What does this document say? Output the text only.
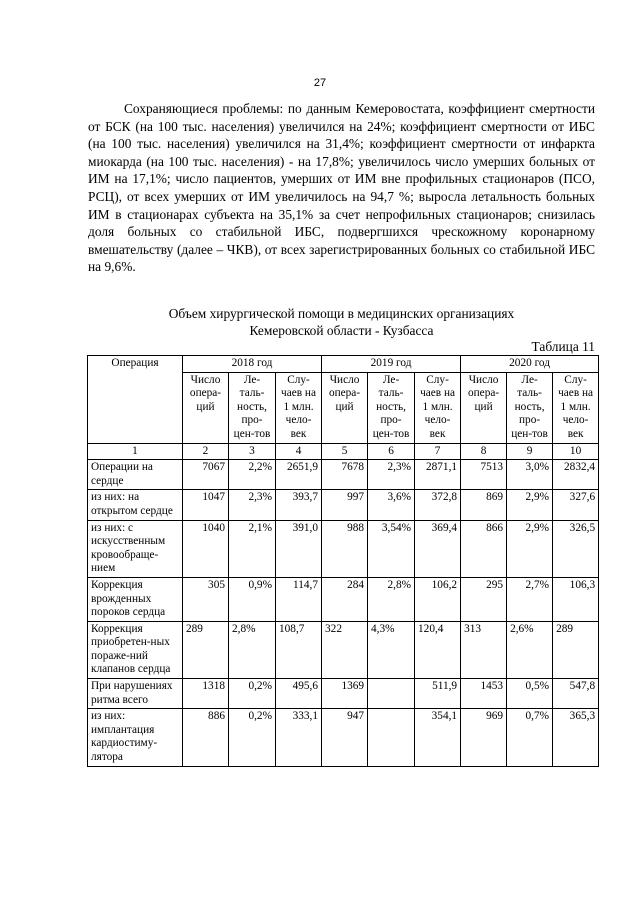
27

Сохраняющиеся проблемы: по данным Кемеровостата, коэффициент смертности от БСК (на 100 тыс. населения) увеличился на 24%; коэффициент смертности от ИБС (на 100 тыс. населения) увеличился на 31,4%; коэффициент смертности от инфаркта миокарда (на 100 тыс. населения) - на 17,8%; увеличилось число умерших больных от ИМ на 17,1%; число пациентов, умерших от ИМ вне профильных стационаров (ПСО, РСЦ), от всех умерших от ИМ увеличилось на 94,7 %; выросла летальность больных ИМ в стационарах субъекта на 35,1% за счет непрофильных стационаров; снизилась доля больных со стабильной ИБС, подвергшихся чрескожному коронарному вмешательству (далее – ЧКВ), от всех зарегистрированных больных со стабильной ИБС на 9,6%.

Объем хирургической помощи в медицинских организациях
Кемеровской области - Кузбасса
Таблица 11
Операция	2018 год			2019 год			2020 год		
	Число опера-ций	Ле-таль-ность, про-цен-тов	Слу-чаев на 1 млн. чело-век	Число опера-ций	Ле-таль-ность, про-цен-тов	Слу-чаев на 1 млн. чело-век	Число опера-ций	Ле-таль-ность, про-цен-тов	Слу-чаев на 1 млн. чело-век
1	2	3	4	5	6	7	8	9	10
Операции на сердце	7067	2,2%	2651,9	7678	2,3%	2871,1	7513	3,0%	2832,4
из них: на открытом сердце	1047	2,3%	393,7	997	3,6%	372,8	869	2,9%	327,6
из них: с искусственным кровообраще-нием	1040	2,1%	391,0	988	3,54%	369,4	866	2,9%	326,5
Коррекция врожденных пороков сердца	305	0,9%	114,7	284	2,8%	106,2	295	2,7%	106,3
Коррекция приобретен-ных пораже-ний клапанов сердца	289	2,8%	108,7	322	4,3%	120,4	313	2,6%	289
При нарушениях ритма всего	1318	0,2%	495,6	1369		511,9	1453	0,5%	547,8
из них: имплантация кардиостиму-лятора	886	0,2%	333,1	947		354,1	969	0,7%	365,3
